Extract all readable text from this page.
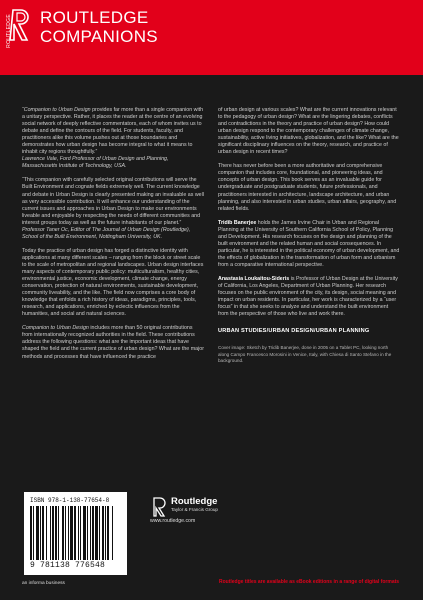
ROUTLEDGE ROUTLEDGE
COMPANIONS

“Companion to Urban Design provides far more than a single companion with a unitary perspective. Rather, it places the reader at the centre of an evolving social network of deeply reflective commentators, each of whom invites us to debate and define the contours of the field. For students, faculty, and practitioners alike this volume pushes out at those boundaries and demonstrates how urban design has become integral to what it means to inhabit city regions thoughtfully.”
Lawrence Vale, Ford Professor of Urban Design and Planning, Massachusetts Institute of Technology, USA.

“This companion with carefully selected original contributions will serve the Built Environment and cognate fields extremely well. The current knowledge and debate in Urban Design is clearly presented making an invaluable as well as very accessible contribution. It will enhance our understanding of the current issues and approaches in Urban Design to make our environments liveable and enjoyable by respecting the needs of different communities and interest groups today as well as the future inhabitants of our planet.”
Professor Taner Oc, Editor of The Journal of Urban Design (Routledge), School of the Built Environment, Nottingham University, UK.

Today the practice of urban design has forged a distinctive identity with applications at many different scales – ranging from the block or street scale to the scale of metropolitan and regional landscapes. Urban design interfaces many aspects of contemporary public policy: multiculturalism, healthy cities, environmental justice, economic development, climate change, energy conservation, protection of natural environments, sustainable development, community liveability, and the like. The field now comprises a core body of knowledge that enfolds a rich history of ideas, paradigms, principles, tools, research, and applications, enriched by eclectic influences from the humanities, and social and natural sciences.

Companion to Urban Design includes more than 50 original contributions from internationally recognized authorities in the field. These contributions address the following questions: what are the important ideas that have shaped the field and the current practice of urban design? What are the major methods and processes that have influenced the practice

of urban design at various scales? What are the current innovations relevant to the pedagogy of urban design? What are the lingering debates, conflicts and contradictions in the theory and practice of urban design? How could urban design respond to the contemporary challenges of climate change, sustainability, active living initiatives, globalization, and the like? What are the significant disciplinary influences on the theory, research, and practice of urban design in recent times?

There has never before been a more authoritative and comprehensive companion that includes core, foundational, and pioneering ideas, and concepts of urban design. This book serves as an invaluable guide for undergraduate and postgraduate students, future professionals, and practitioners interested in architecture, landscape architecture, and urban planning, and also interested in urban studies, urban affairs, geography, and related fields.

Tridib Banerjee holds the James Irvine Chair in Urban and Regional Planning at the University of Southern California School of Policy, Planning and Development. His research focuses on the design and planning of the built environment and the related human and social consequences. In particular, he is interested in the political economy of urban development, and the effects of globalization in the transformation of urban form and urbanism from a comparative international perspective.

Anastasia Loukaitou-Sideris is Professor of Urban Design at the University of California, Los Angeles, Department of Urban Planning. Her research focuses on the public environment of the city, its design, social meaning and impact on urban residents. In particular, her work is characterized by a “user focus” in that she seeks to analyze and understand the built environment from the perspective of those who live and work there.

URBAN STUDIES/URBAN DESIGN/URBAN PLANNING

Cover image: Sketch by Tridib Banerjee, done in 2005 on a Tablet PC, looking north along Campo Francesco Morosini in Venice, Italy, with Chiesa di Santo Stefano in the background.

ISBN 978-1-138-77654-8
9 781138 776548
Routledge
Taylor & Francis Group
www.routledge.com
an informa business	Routledge titles are available as eBook editions in a range of digital formats
